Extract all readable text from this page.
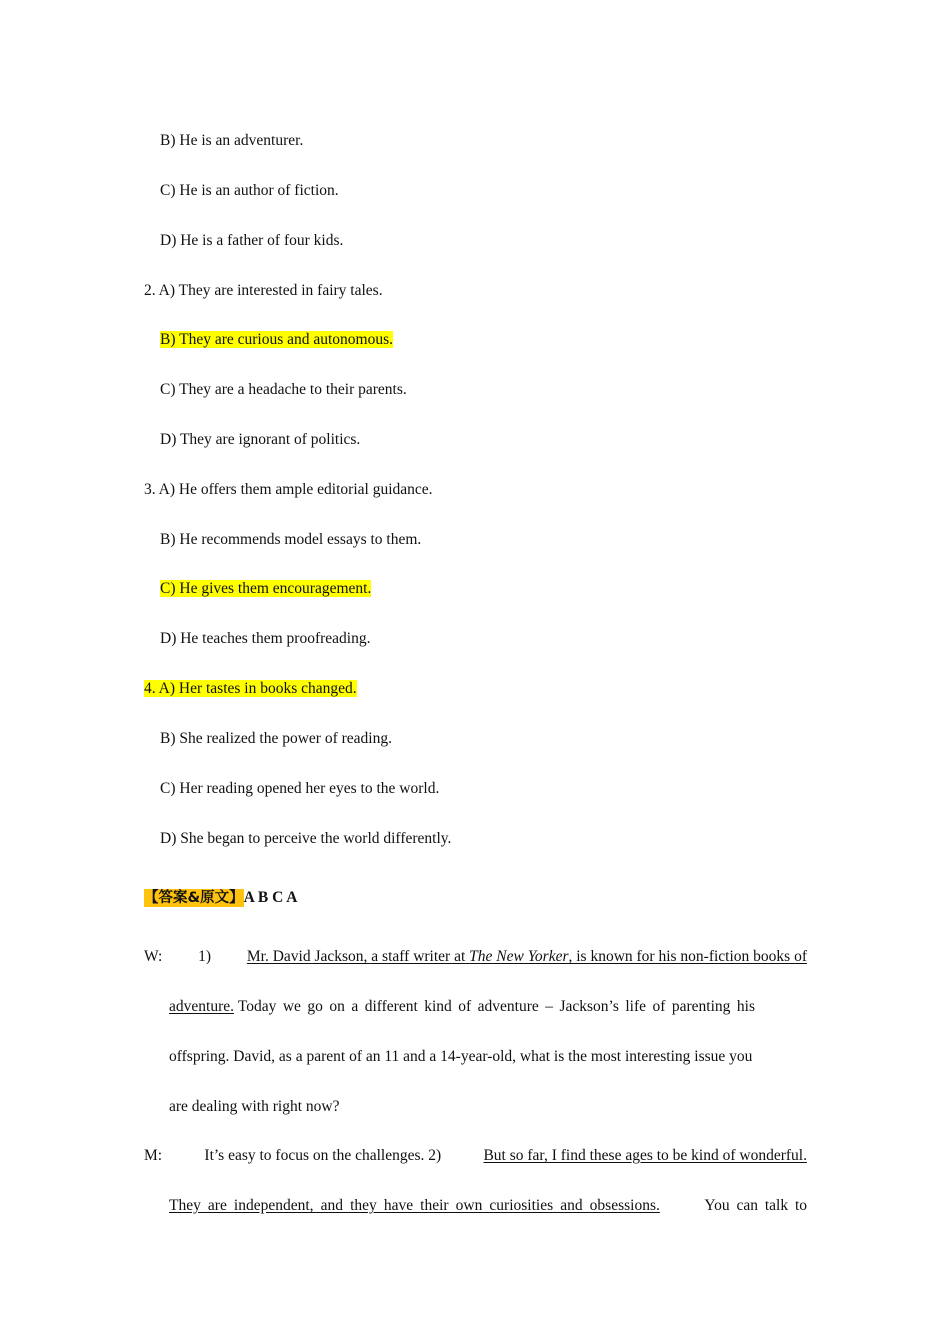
B) He is an adventurer.
C) He is an author of fiction.
D) He is a father of four kids.
2. A) They are interested in fairy tales.
B) They are curious and autonomous.
C) They are a headache to their parents.
D) They are ignorant of politics.
3. A) He offers them ample editorial guidance.
B) He recommends model essays to them.
C) He gives them encouragement.
D) He teaches them proofreading.
4. A) Her tastes in books changed.
B) She realized the power of reading.
C) Her reading opened her eyes to the world.
D) She began to perceive the world differently.
【答案&原文】A B C A
W: 1) Mr. David Jackson, a staff writer at The New Yorker, is known for his non-fiction books of
adventure. Today we go on a different kind of adventure – Jackson’s life of parenting his
offspring. David, as a parent of an 11 and a 14-year-old, what is the most interesting issue you
are dealing with right now?
M:	It’s easy to focus on the challenges. 2)	But so far, I find these ages to be kind of wonderful.
They are independent, and they have their own curiosities and obsessions.	You can talk to
